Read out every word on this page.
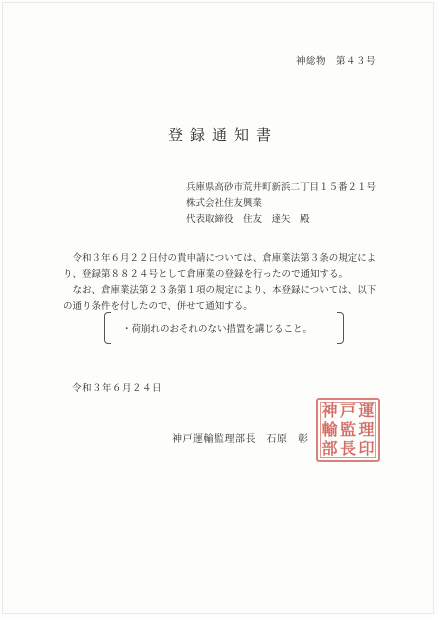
神総物　第４３号
登録通知書
兵庫県高砂市荒井町新浜二丁目１５番２１号
株式会社住友興業
代表取締役　住友　達矢　殿

令和３年６月２２日付の貴申請については、倉庫業法第３条の規定により、登録第８８２４号として倉庫業の登録を行ったので通知する。

なお、倉庫業法第２３条第１項の規定により、本登録については、以下の通り条件を付したので、併せて通知する。

・荷崩れのおそれのない措置を講じること。
令和３年６月２４日
神戸運輸監理部長　石原　彰
運
理
印
戸
監
長
神
輸
部
